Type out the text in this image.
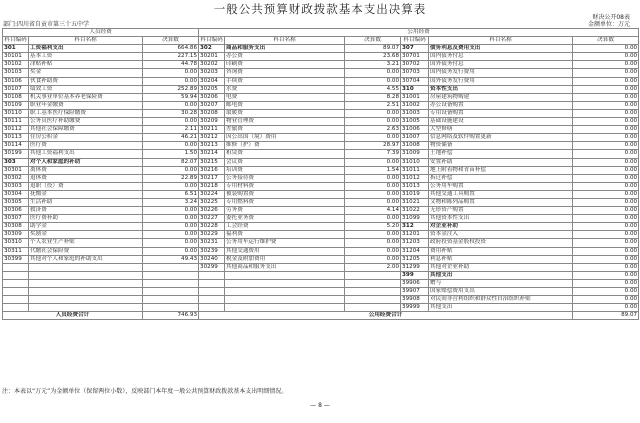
一般公共预算财政拨款基本支出决算表
财决公开08表
金额单位：万元
部门:四川省自贡市第三十五中学
人员经费			公用经费					
科目编码	科目名称	决算数	科目编码	科目名称	决算数	科目编码	科目名称	决算数
301	工资福利支出	664.86	302	商品和服务支出	89.07	307	债务利息及费用支出	0.00
30101	基本工资	227.15	30201	办公费	23.68	30701	国内债务付息	0.00
30102	津贴补贴	44.78	30202	印刷费	3.21	30702	国外债务付息	0.00
30103	奖金	0.00	30203	咨询费	0.00	30703	国内债务发行费用	0.00
30106	伙食补助费	0.00	30204	手续费	0.00	30704	国外债务发行费用	0.00
30107	绩效工资	252.89	30205	水费	4.55	310	资本性支出	0.00
30108	机关事业单位基本养老保险费	59.94	30206	电费	8.28	31001	房屋建筑物购建	0.00
30109	职业年金缴费	0.00	30207	邮电费	2.51	31002	办公设备购置	0.00
30110	职工基本医疗保险缴费	30.28	30208	取暖费	0.00	31003	专用设备购置	0.00
30111	公务员医疗补助缴费	0.00	30209	物业管理费	0.00	31005	基础设施建设	0.00
30112	其他社会保障缴费	2.11	30211	差旅费	2.63	31006	大型修缮	0.00
30113	住房公积金	46.21	30212	因公出国（境）费用	0.00	31007	信息网络及软件购置更新	0.00
30114	医疗费	0.00	30213	维修（护）费	28.97	31008	物资储备	0.00
30199	其他工资福利支出	1.50	30214	租赁费	7.39	31009	土地补偿	0.00
303	对个人和家庭的补助	82.07	30215	会议费	0.00	31010	安置补助	0.00
30301	离休费	0.00	30216	培训费	1.54	31011	地上附着物和青苗补偿	0.00
30302	退休费	22.89	30217	公务接待费	0.00	31012	拆迁补偿	0.00
30303	退职（役）费	0.00	30218	专用材料费	0.00	31013	公务用车购置	0.00
30304	抚恤金	6.51	30224	被装购置费	0.00	31019	其他交通工具购置	0.00
30305	生活补助	3.24	30225	专用燃料费	0.00	31021	文物和陈列品购置	0.00
30306	救济费	0.00	30226	劳务费	4.14	31022	无形资产购置	0.00
30307	医疗费补助	0.00	30227	委托业务费	0.00	31099	其他资本性支出	0.00
30308	助学金	0.00	30228	工会经费	5.20	312	对企业补助	0.00
30309	奖励金	0.00	30229	福利费	0.00	31201	资本金注入	0.00
30310	个人农业生产补贴	0.00	30231	公务用车运行维护费	0.00	31203	政府投资基金股权投资	0.00
30311	代缴社会保险费	0.00	30239	其他交通费用	0.00	31204	费用补贴	0.00
30399	其他对个人和家庭的补助支出	49.43	30240	税金及附加费用	0.00	31205	利息补贴	0.00
			30299	其他商品和服务支出	2.00	31299	其他对企业补助	0.00
						399	其他支出	0.00
						39906	赠与	0.00
						39907	国家赔偿费用支出	0.00
						39908	对民间非营利组织和群众性自治组织补贴	0.00
						39999	其他支出	0.00
人员经费合计		746.93	公用经费合计					89.07
注：本表以“万元”为金额单位（保留两位小数），反映部门本年度一般公共预算财政拨款基本支出明细情况。
— 8 —
